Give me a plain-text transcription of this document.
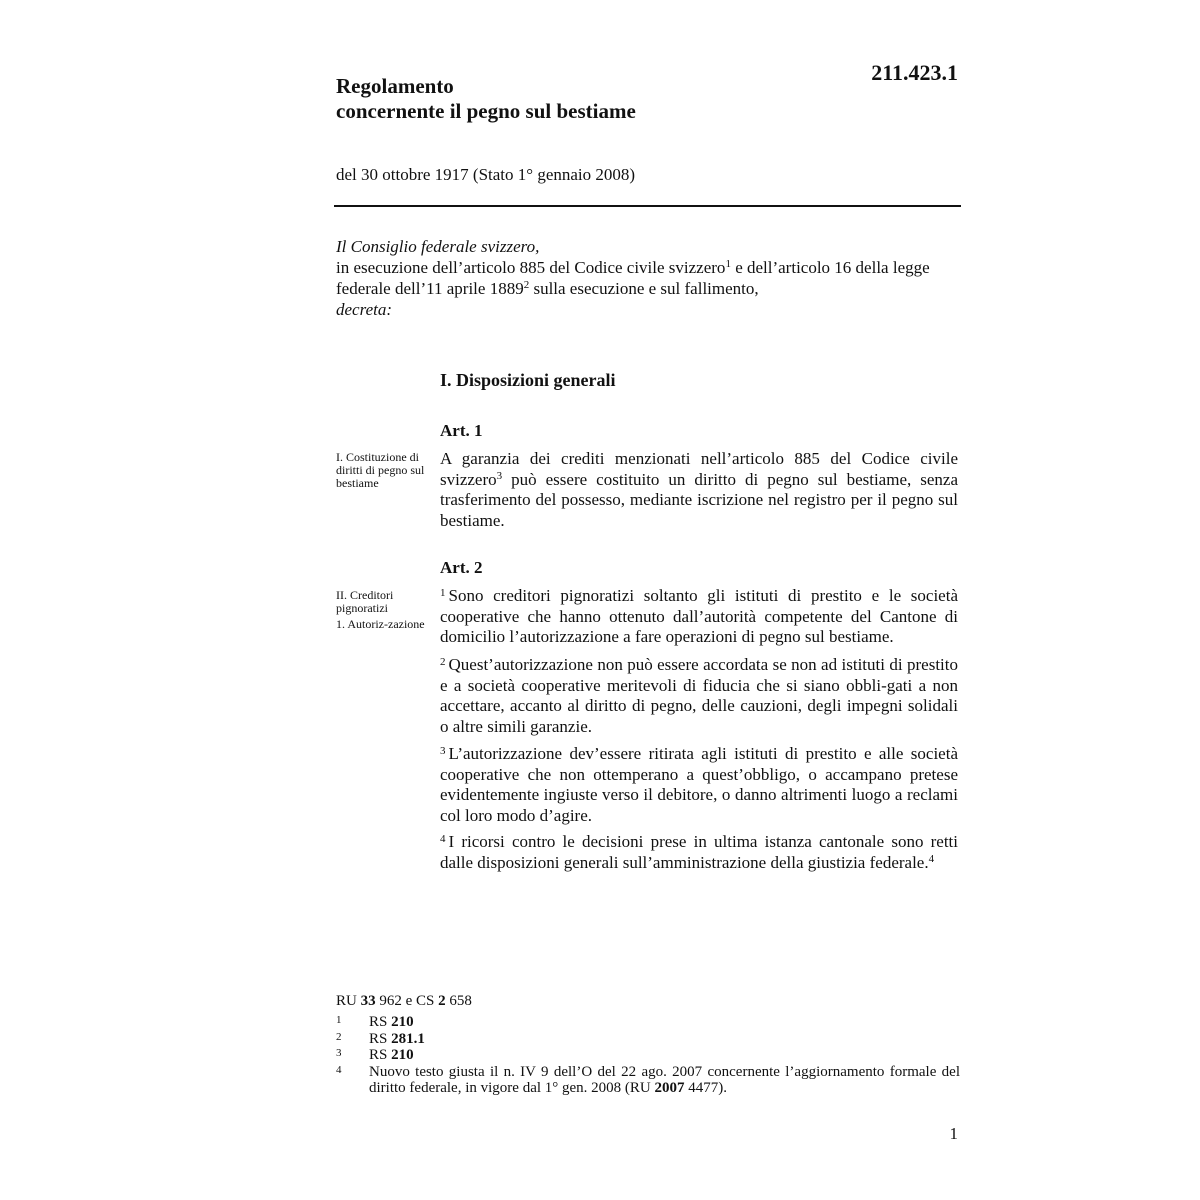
211.423.1
Regolamento
concernente il pegno sul bestiame
del 30 ottobre 1917 (Stato 1° gennaio 2008)
Il Consiglio federale svizzero,
in esecuzione dell’articolo 885 del Codice civile svizzero$^1$ e dell’articolo 16 della legge federale dell’11 aprile 1889$^2$ sulla esecuzione e sul fallimento,
decreta:
I. Disposizioni generali
Art. 1
I. Costituzione di diritti di pegno sul bestiame
A garanzia dei crediti menzionati nell’articolo 885 del Codice civile svizzero$^3$ può essere costituito un diritto di pegno sul bestiame, senza trasferimento del possesso, mediante iscrizione nel registro per il pegno sul bestiame.
Art. 2
II. Creditori pignoratizi
1. Autoriz-zazione
$^1$ Sono creditori pignoratizi soltanto gli istituti di prestito e le società cooperative che hanno ottenuto dall’autorità competente del Cantone di domicilio l’autorizzazione a fare operazioni di pegno sul bestiame.
$^2$ Quest’autorizzazione non può essere accordata se non ad istituti di prestito e a società cooperative meritevoli di fiducia che si siano obbli-gati a non accettare, accanto al diritto di pegno, delle cauzioni, degli impegni solidali o altre simili garanzie.
$^3$ L’autorizzazione dev’essere ritirata agli istituti di prestito e alle società cooperative che non ottemperano a quest’obbligo, o accampano pretese evidentemente ingiuste verso il debitore, o danno altrimenti luogo a reclami col loro modo d’agire.
$^4$ I ricorsi contro le decisioni prese in ultima istanza cantonale sono retti dalle disposizioni generali sull’amministrazione della giustizia federale.$^4$
RU 33 962 e CS 2 658
1	RS 210
2	RS 281.1
3	RS 210
4	Nuovo testo giusta il n. IV 9 dell’O del 22 ago. 2007 concernente l’aggiornamento formale del diritto federale, in vigore dal 1° gen. 2008 (RU 2007 4477).
1
